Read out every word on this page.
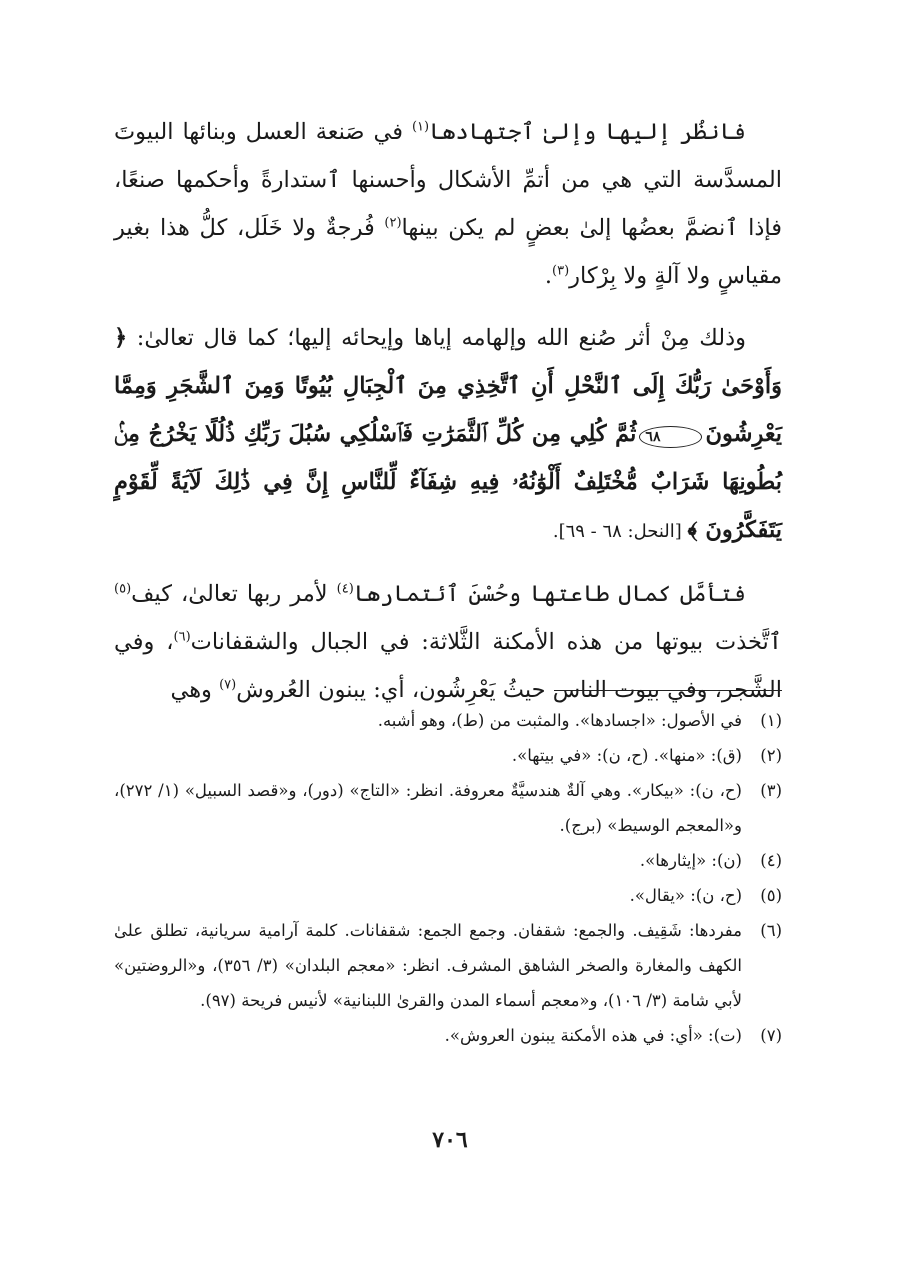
فانظُر إليها وإلىٰ ٱجتهادها$^{(١)}$ في صَنعة العسل وبنائها البيوتَ المسدَّسة التي هي من أتمِّ الأشكال وأحسنها ٱستدارةً وأحكمها صنعًا، فإذا ٱنضمَّ بعضُها إلىٰ بعضٍ لم يكن بينها$^{(٢)}$ فُرجةٌ ولا خَلَل، كلُّ هذا بغير مقياسٍ ولا آلةٍ ولا بِرْكار$^{(٣)}$.

وذلك مِنْ أثر صُنع الله وإلهامه إياها وإيحائه إليها؛ كما قال تعالىٰ: ﴿ وَأَوْحَىٰ رَبُّكَ إِلَى ٱلنَّحْلِ أَنِ ٱتَّخِذِي مِنَ ٱلْجِبَالِ بُيُوتًا وَمِنَ ٱلشَّجَرِ وَمِمَّا يَعْرِشُونَ٦٨ثُمَّ كُلِي مِن كُلِّ ٱلثَّمَرَٰتِ فَٱسْلُكِي سُبُلَ رَبِّكِ ذُلُلًا يَخْرُجُ مِنۢ بُطُونِهَا شَرَابٌ مُّخْتَلِفٌ أَلْوَٰنُهُۥ فِيهِ شِفَآءٌ لِّلنَّاسِ إِنَّ فِي ذَٰلِكَ لَآيَةً لِّقَوْمٍ يَتَفَكَّرُونَ ﴾ [النحل: ٦٨ - ٦٩].

فتأمَّل كمال طاعتها وحُسْنَ ٱئتمارها$^{(٤)}$ لأمر ربها تعالىٰ، كيف$^{(٥)}$ ٱتَّخذت بيوتها من هذه الأمكنة الثَّلاثة: في الجبال والشقفانات$^{(٦)}$، وفي الشَّجر، وفي بيوت الناس حيثُ يَعْرِشُون، أي: يبنون العُروش$^{(٧)}$ وهي

(١)
في الأصول: «اجسادها». والمثبت من (ط)، وهو أشبه.
(٢)
(ق): «منها». (ح، ن): «في بيتها».
(٣)
(ح، ن): «بيكار». وهي آلةٌ هندسيَّةٌ معروفة. انظر: «التاج» (دور)، و«قصد السبيل» (١/ ٢٧٢)، و«المعجم الوسيط» (برج).
(٤)
(ن): «إيثارها».
(٥)
(ح، ن): «يقال».
(٦)
مفردها: شَقِيف. والجمع: شقفان. وجمع الجمع: شقفانات. كلمة آرامية سريانية، تطلق علىٰ الكهف والمغارة والصخر الشاهق المشرف. انظر: «معجم البلدان» (٣/ ٣٥٦)، و«الروضتين» لأبي شامة (٣/ ١٠٦)، و«معجم أسماء المدن والقرىٰ اللبنانية» لأنيس فريحة (٩٧).
(٧)
(ت): «أي: في هذه الأمكنة يبنون العروش».
٧٠٦
